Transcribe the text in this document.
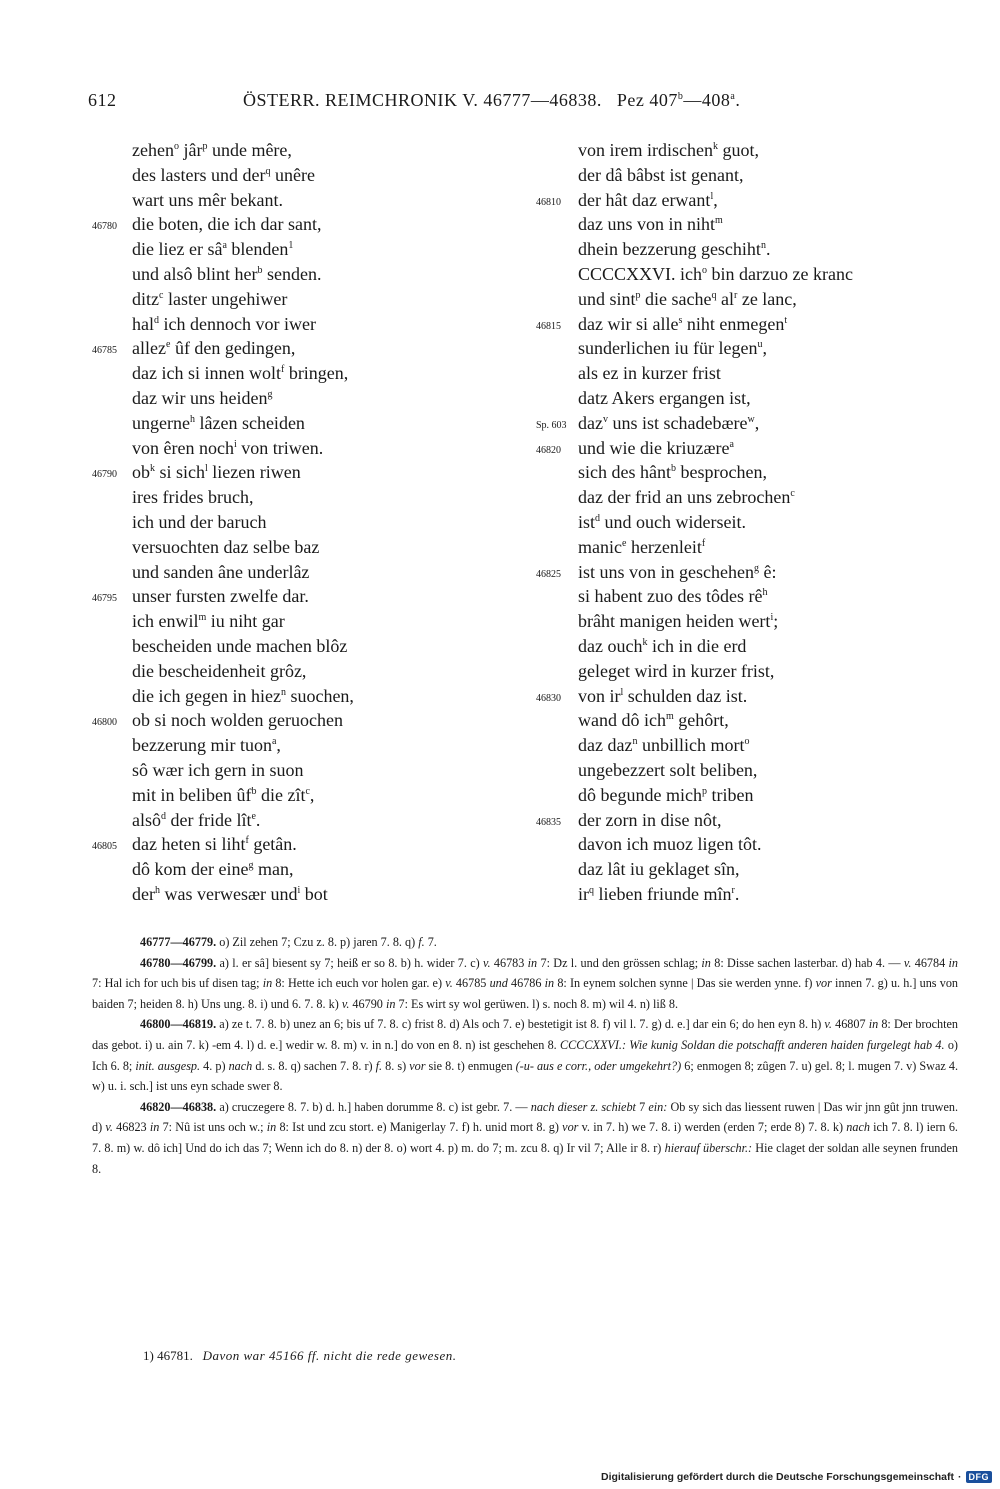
612	ÖSTERR. REIMCHRONIK V. 46777—46838. Pez 407$^b$—408$^a$.
zehen$^o$ jâr$^p$ unde mêre,
des lasters und der$^q$ unêre
wart uns mêr bekant.
46780 die boten, die ich dar sant,
die liez er $sâ^a$ blenden$^1$
und alsô blint her$^b$ senden.
ditz$^c$ laster ungehiwer
hal$^d$ ich dennoch vor iwer
46785 allez$^e$ ûf den gedingen,
daz ich si innen wolt$^f$ bringen,
daz wir uns heiden$^g$
ungerne$^h$ lâzen scheiden
von êren noch$^i$ von triwen.
46790 $ob^k$ si sich$^l$ liezen riwen
ires frides bruch,
ich und der baruch
versuochten daz selbe baz
und sanden âne underlâz
46795 unser fursten zwelfe dar.
ich enwil$^m$ iu niht gar
bescheiden unde machen blôz
die bescheidenheit grôz,
die ich gegen in hiez$^n$ suochen,
46800 ob si noch wolden geruochen
bezzerung mir tuon$^a$,
sô wær ich gern in suon
mit in beliben $ûf^b$ die zît$^c$,
alsô$^d$ der fride lît$^e$.
46805 daz heten si liht$^f$ getân.
dô kom der eine$^g$ man,
der$^h$ was verwesær und$^i$ bot
von irem irdischen$^k$ guot,
der dâ bâbst ist genant,
46810 der hât daz erwant$^l$,
daz uns von in niht$^m$
dhein bezzerung geschiht$^n$.
CCCCXXVI. ich$^o$ bin darzuo ze kranc
und sint$^p$ die sache$^q$ $al^r$ ze lanc,
46815 daz wir si alle$^s$ niht enmegen$^t$
sunderlichen iu für legen$^u$,
als ez in kurzer frist
datz Akers ergangen ist,
Sp. 603 daz$^v$ uns ist schadebære$^w$,
46820 und wie die kriuzære$^a$
sich des hânt$^b$ besprochen,
daz der frid an uns zebrochen$^c$
ist$^d$ und ouch widerseit.
manic$^e$ herzenleit$^f$
46825 ist uns von in geschehen$^g$ ê:
si habent zuo des tôdes $rê^h$
brâht manigen heiden wert$^i$;
daz ouch$^k$ ich in die erd
geleget wird in kurzer frist,
46830 von $ir^l$ schulden daz ist.
wand dô ich$^m$ gehôrt,
daz daz$^n$ unbillich mort$^o$
ungebezzert solt beliben,
dô begunde mich$^p$ triben
46835 der zorn in dise nôt,
davon ich muoz ligen tôt.
daz lât iu geklaget sîn,
$ir^q$ lieben friunde mîn$^r$.

46777—46779. o) Zil zehen 7; Czu z. 8. p) jaren 7. 8. q) f. 7.

46780—46799. a) l. er sâ] biesent sy 7; heiß er so 8. b) h. wider 7. c) v. 46783 in 7: Dz l. und den grössen schlag; in 8: Disse sachen lasterbar. d) hab 4. — v. 46784 in 7: Hal ich for uch bis uf disen tag; in 8: Hette ich euch vor holen gar. e) v. 46785 und 46786 in 8: In eynem solchen synne | Das sie werden ynne. f) vor innen 7. g) u. h.] uns von baiden 7; heiden 8. h) Uns ung. 8. i) und 6. 7. 8. k) v. 46790 in 7: Es wirt sy wol gerüwen. l) s. noch 8. m) wil 4. n) liß 8.

46800—46819. a) ze t. 7. 8. b) unez an 6; bis uf 7. 8. c) frist 8. d) Als och 7. e) bestetigit ist 8. f) vil l. 7. g) d. e.] dar ein 6; do hen eyn 8. h) v. 46807 in 8: Der brochten das gebot. i) u. ain 7. k) -em 4. l) d. e.] wedir w. 8. m) v. in n.] do von en 8. n) ist geschehen 8. CCCCXXVI.: Wie kunig Soldan die potschafft anderen haiden furgelegt hab 4. o) Ich 6. 8; init. ausgesp. 4. p) nach d. s. 8. q) sachen 7. 8. r) f. 8. s) vor sie 8. t) enmugen (-u- aus e corr., oder umgekehrt?) 6; enmogen 8; zûgen 7. u) gel. 8; l. mugen 7. v) Swaz 4. w) u. i. sch.] ist uns eyn schade swer 8.

46820—46838. a) cruczegere 8. 7. b) d. h.] haben dorumme 8. c) ist gebr. 7. — nach dieser z. schiebt 7 ein: Ob sy sich das liessent ruwen | Das wir jnn gût jnn truwen. d) v. 46823 in 7: Nû ist uns och w.; in 8: Ist und zcu stort. e) Manigerlay 7. f) h. unid mort 8. g) vor v. in 7. h) we 7. 8. i) werden (erden 7; erde 8) 7. 8. k) nach ich 7. 8. l) iern 6. 7. 8. m) w. dô ich] Und do ich das 7; Wenn ich do 8. n) der 8. o) wort 4. p) m. do 7; m. zcu 8. q) Ir vil 7; Alle ir 8. r) hierauf überschr.: Hie claget der soldan alle seynen frunden 8.

1) 46781. Davon war 45166 ff. nicht die rede gewesen.
Digitalisierung gefördert durch die Deutsche Forschungsgemeinschaft · DFG
